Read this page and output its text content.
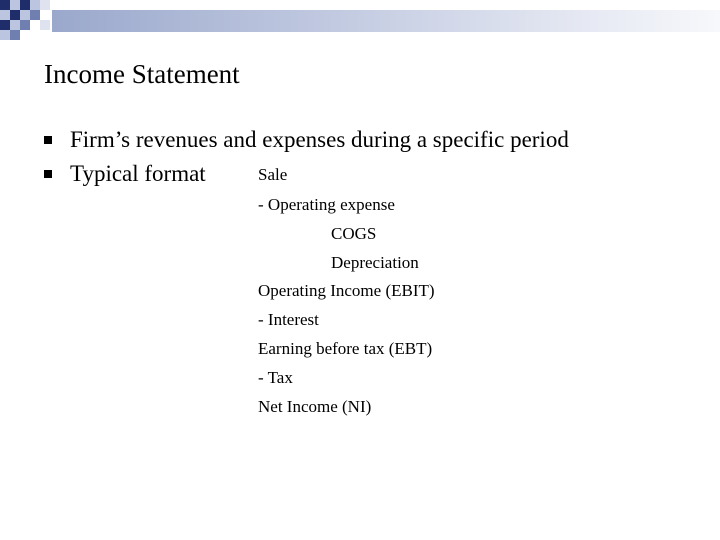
Income Statement
Firm’s revenues and expenses during a specific period
Typical format	Sale
- Operating expense
COGS
Depreciation
Operating Income (EBIT)
- Interest
Earning before tax (EBT)
- Tax
Net Income (NI)
